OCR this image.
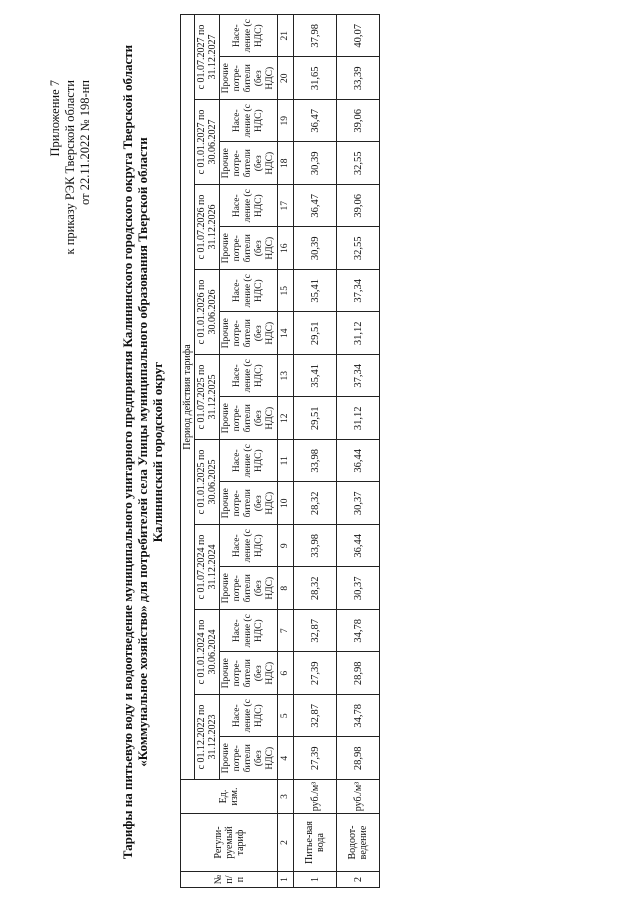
Приложение 7 к приказу РЭК Тверской области от 22.11.2022 № 198-нп Тарифы на питьевую воду и водоотведение муниципального унитарного предприятия Калининского городского округа Тверской области «Коммунальное хозяйство» для потребителей села Упицы муниципального образования Тверской области Калининский городской округ
№ п/п	Регули-руемый тариф	Ед. изм.	Период действия тарифа																	
			с 01.12.2022 по 31.12.2023		с 01.01.2024 по 30.06.2024		с 01.07.2024 по 31.12.2024		с 01.01.2025 по 30.06.2025		с 01.07.2025 по 31.12.2025		с 01.01.2026 по 30.06.2026		с 01.07.2026 по 31.12.2026		с 01.01.2027 по 30.06.2027		с 01.07.2027 по 31.12.2027	
			Прочие потре-бители (без НДС)	Насе-ление (с НДС)	Прочие потре-бители (без НДС)	Насе-ление (с НДС)	Прочие потре-бители (без НДС)	Насе-ление (с НДС)	Прочие потре-бители (без НДС)	Насе-ление (с НДС)	Прочие потре-бители (без НДС)	Насе-ление (с НДС)	Прочие потре-бители (без НДС)	Насе-ление (с НДС)	Прочие потре-бители (без НДС)	Насе-ление (с НДС)	Прочие потре-бители (без НДС)	Насе-ление (с НДС)	Прочие потре-бители (без НДС)	Насе-ление (с НДС)
1	2	3	4	5	6	7	8	9	10	11	12	13	14	15	16	17	18	19	20	21
1	Питье-вая вода	руб./м³	27,39	32,87	27,39	32,87	28,32	33,98	28,32	33,98	29,51	35,41	29,51	35,41	30,39	36,47	30,39	36,47	31,65	37,98
2	Водоот-ведение	руб./м³	28,98	34,78	28,98	34,78	30,37	36,44	30,37	36,44	31,12	37,34	31,12	37,34	32,55	39,06	32,55	39,06	33,39	40,07
